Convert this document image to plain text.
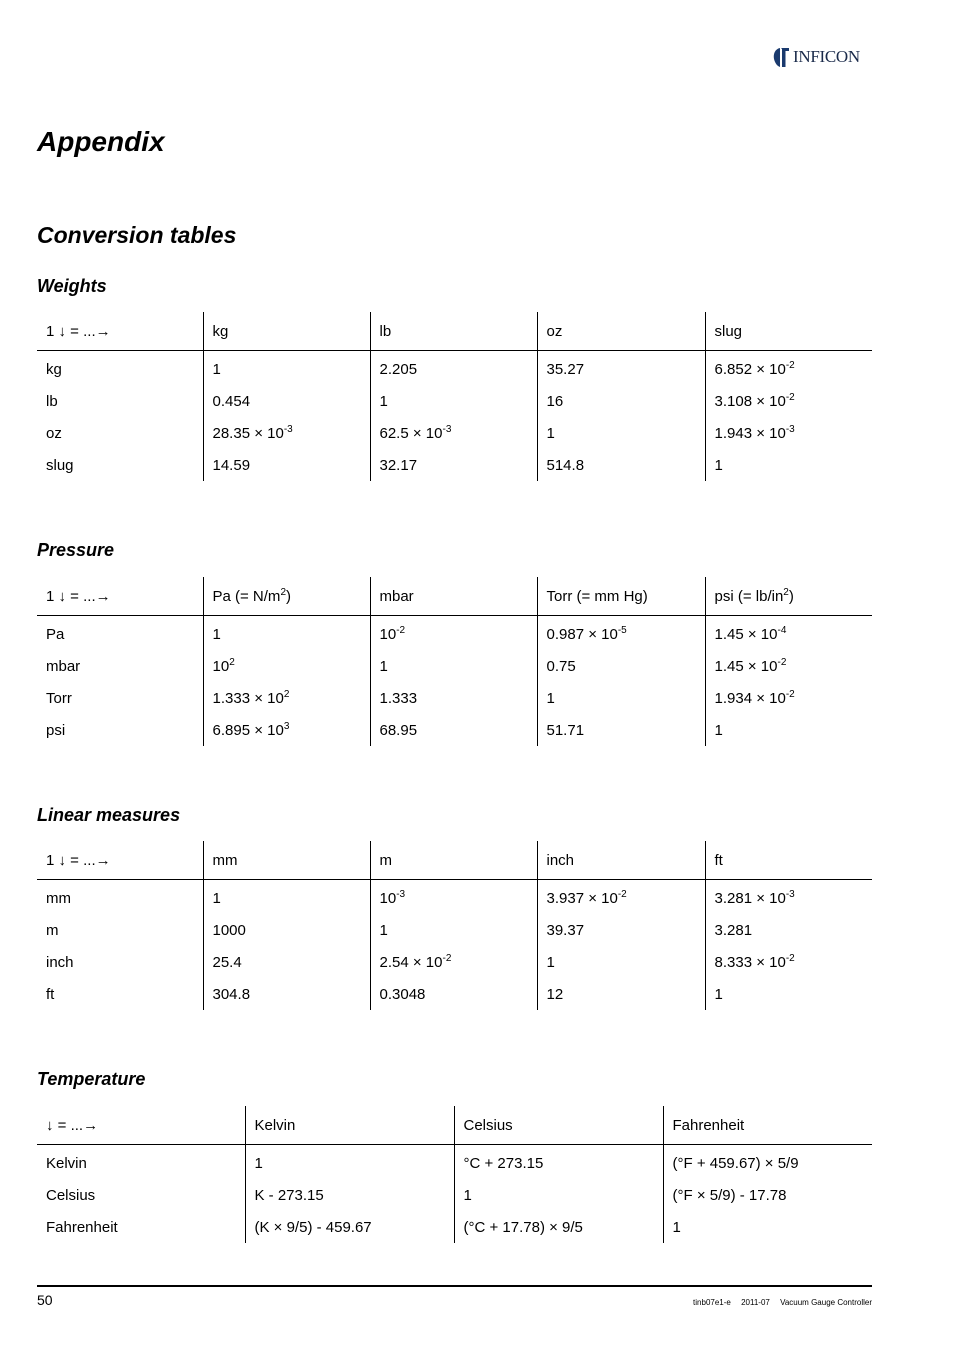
INFICON
Appendix
Conversion tables
Weights
1 ↓ = ...→	kg	lb	oz	slug
kg	1	2.205	35.27	$6.852 \times 10^{-2}$
lb	0.454	1	16	$3.108 \times 10^{-2}$
oz	$28.35 \times 10^{-3}$	$62.5 \times 10^{-3}$	1	$1.943 \times 10^{-3}$
slug	14.59	32.17	514.8	1
Pressure
1 ↓ = ...→	Pa (= $N/m^2$)	mbar	Torr (= mm Hg)	psi (= $lb/in^2$)
Pa	1	$10^{-2}$	$0.987 \times 10^{-5}$	$1.45 \times 10^{-4}$
mbar	$10^2$	1	0.75	$1.45 \times 10^{-2}$
Torr	$1.333 \times 10^2$	1.333	1	$1.934 \times 10^{-2}$
psi	$6.895 \times 10^3$	68.95	51.71	1
Linear measures
1 ↓ = ...→	mm	m	inch	ft
mm	1	$10^{-3}$	$3.937 \times 10^{-2}$	$3.281 \times 10^{-3}$
m	1000	1	39.37	3.281
inch	25.4	$2.54 \times 10^{-2}$	1	$8.333 \times 10^{-2}$
ft	304.8	0.3048	12	1
Temperature
↓ = ...→	Kelvin	Celsius	Fahrenheit
Kelvin	1	°C + 273.15	(°F + 459.67) × 5/9
Celsius	K - 273.15	1	(°F × 5/9) - 17.78
Fahrenheit	(K × 9/5) - 459.67	(°C + 17.78) × 9/5	1
50	tinb07e1-e 2011-07 Vacuum Gauge Controller
